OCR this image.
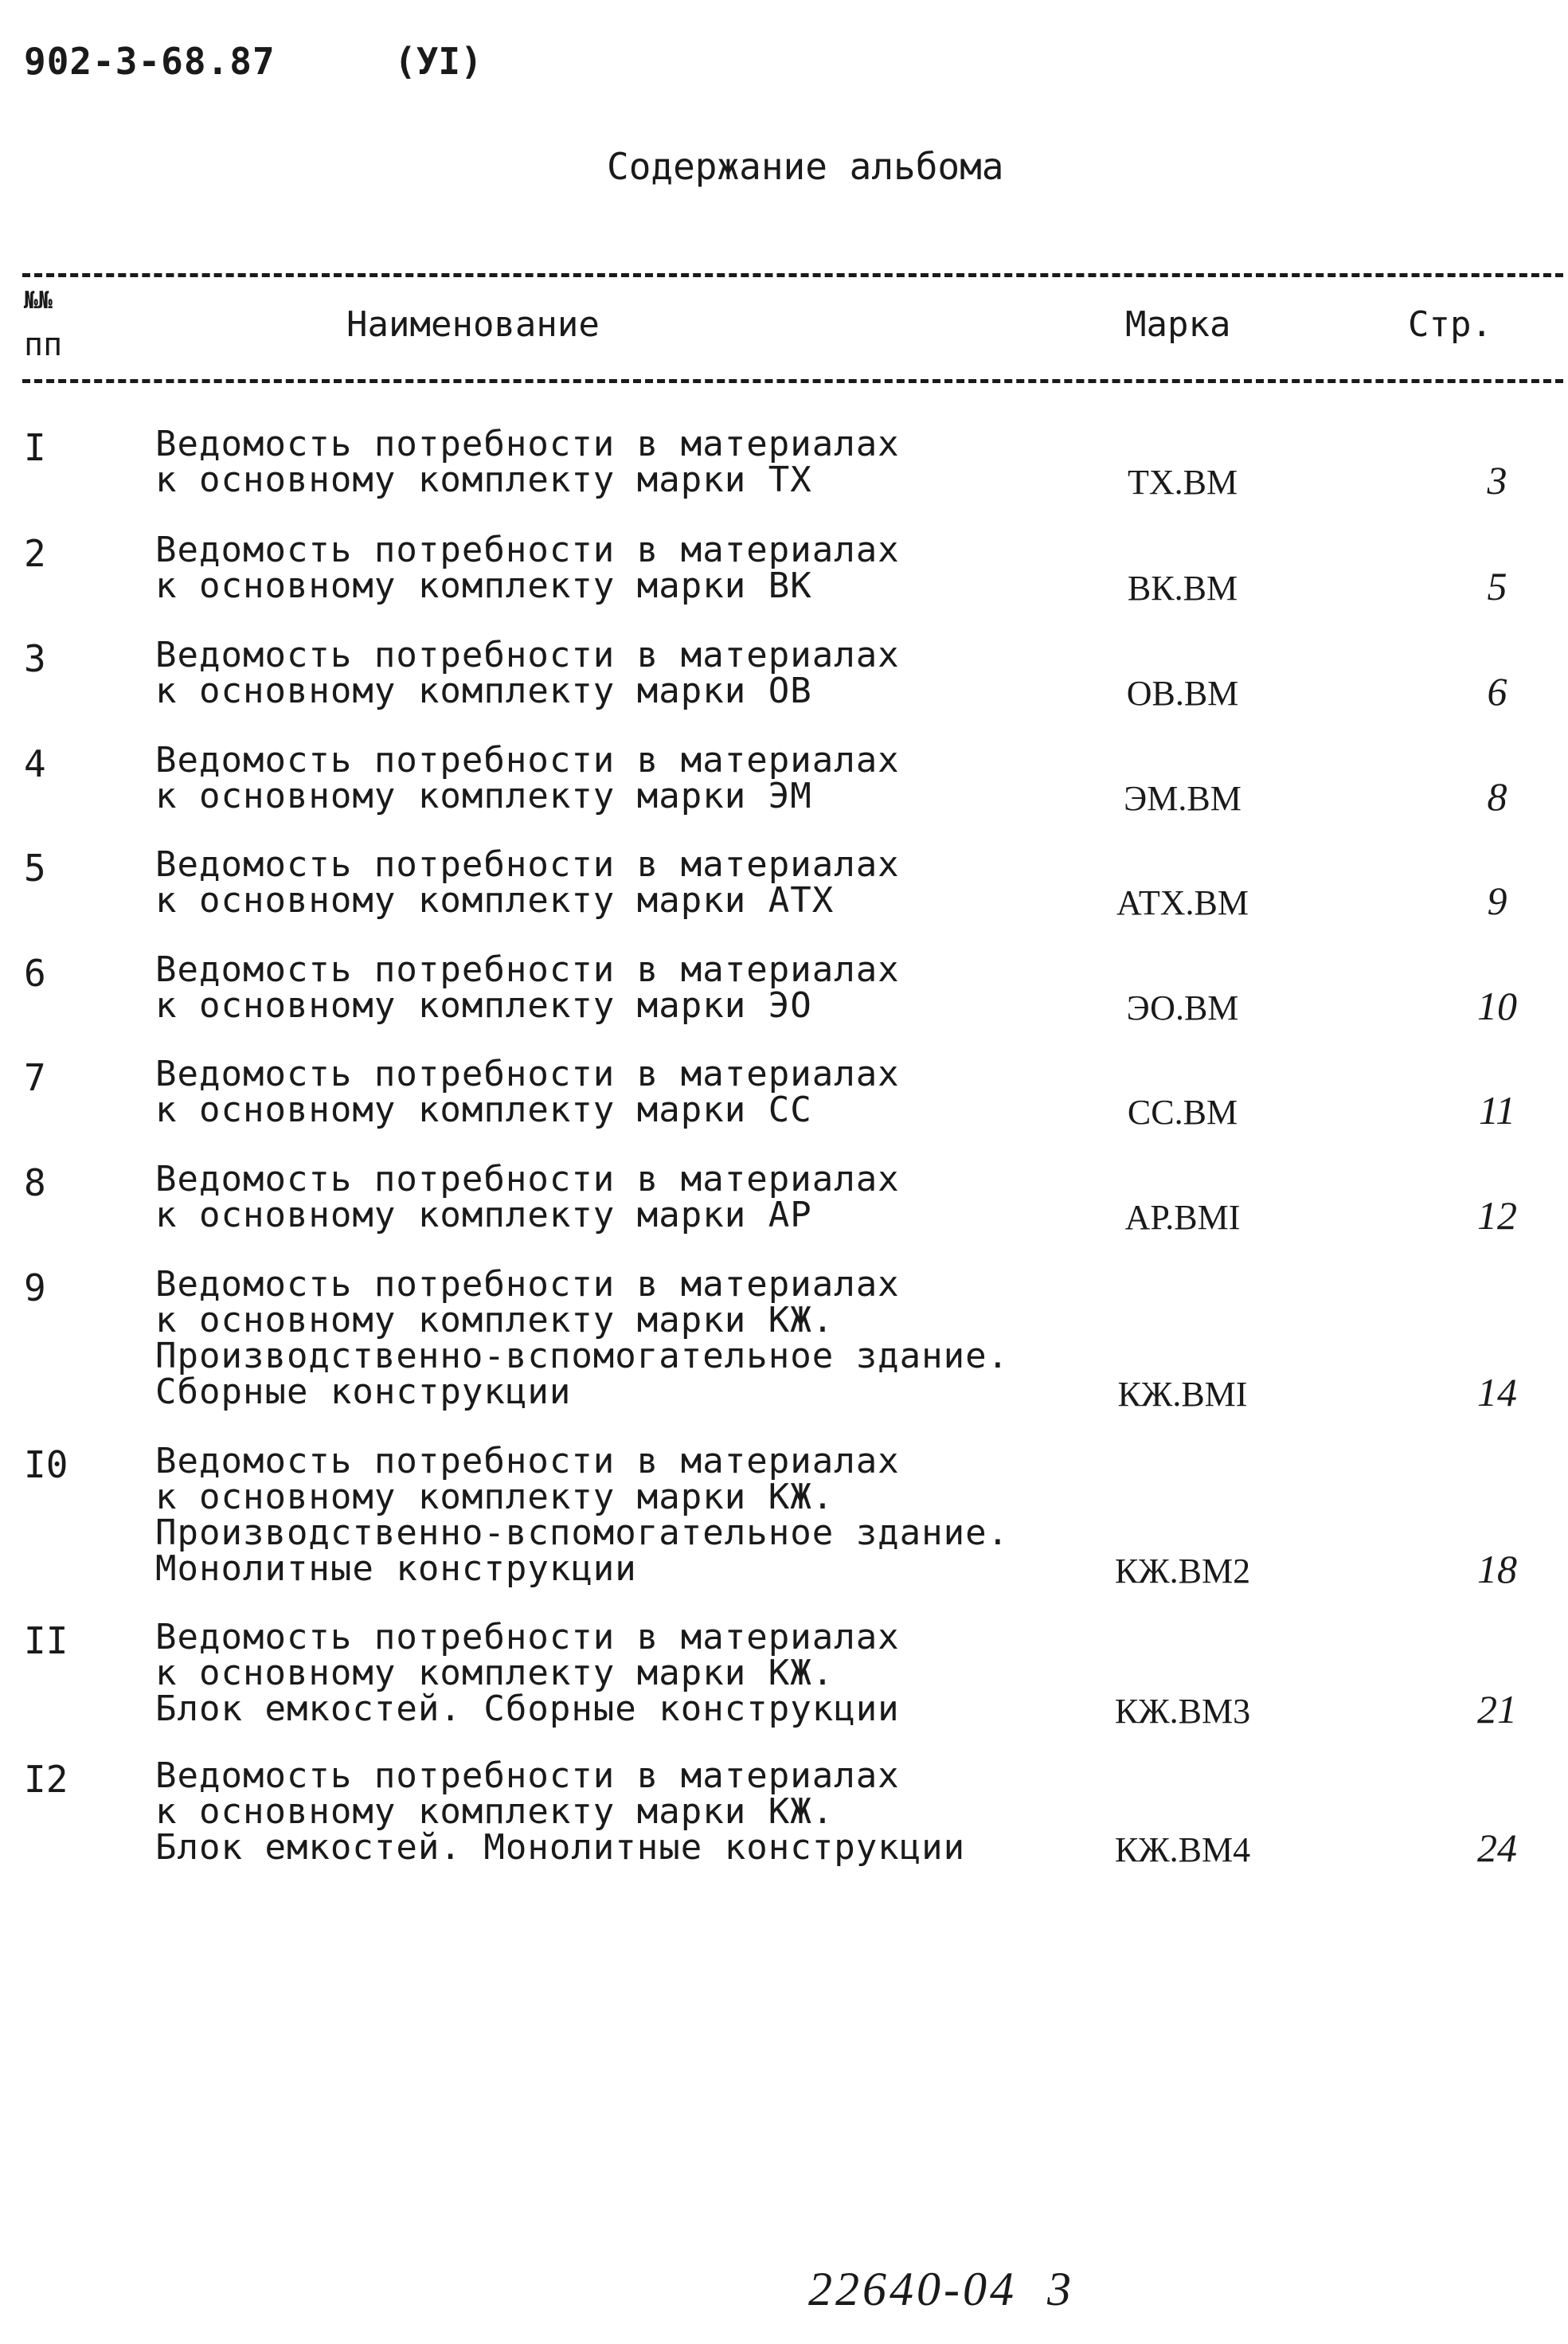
902-3-68.87	(УI)
Содержание альбома
№№
пп	Наименование	Марка	Стр.
I	Ведомость потребности в материалах
к основному комплекту марки ТХ	ТХ.ВМ	3
2	Ведомость потребности в материалах
к основному комплекту марки ВК	ВК.ВМ	5
3	Ведомость потребности в материалах
к основному комплекту марки ОВ	ОВ.ВМ	6
4	Ведомость потребности в материалах
к основному комплекту марки ЭМ	ЭМ.ВМ	8
5	Ведомость потребности в материалах
к основному комплекту марки АТХ	АТХ.ВМ	9
6	Ведомость потребности в материалах
к основному комплекту марки ЭО	ЭО.ВМ	10
7	Ведомость потребности в материалах
к основному комплекту марки СС	СС.ВМ	11
8	Ведомость потребности в материалах
к основному комплекту марки АР	АР.ВМI	12
9	Ведомость потребности в материалах
к основному комплекту марки КЖ.
Производственно-вспомогательное здание.
Сборные конструкции	КЖ.ВМI	14
I0 Ведомость потребности в материалах
к основному комплекту марки КЖ.
Производственно-вспомогательное здание.
Монолитные конструкции	КЖ.ВМ2	18
II Ведомость потребности в материалах
к основному комплекту марки КЖ.
Блок емкостей. Сборные конструкции	КЖ.ВМ3	21
I2 Ведомость потребности в материалах
к основному комплекту марки КЖ.
Блок емкостей. Монолитные конструкции	КЖ.ВМ4	24
22640-04  3
